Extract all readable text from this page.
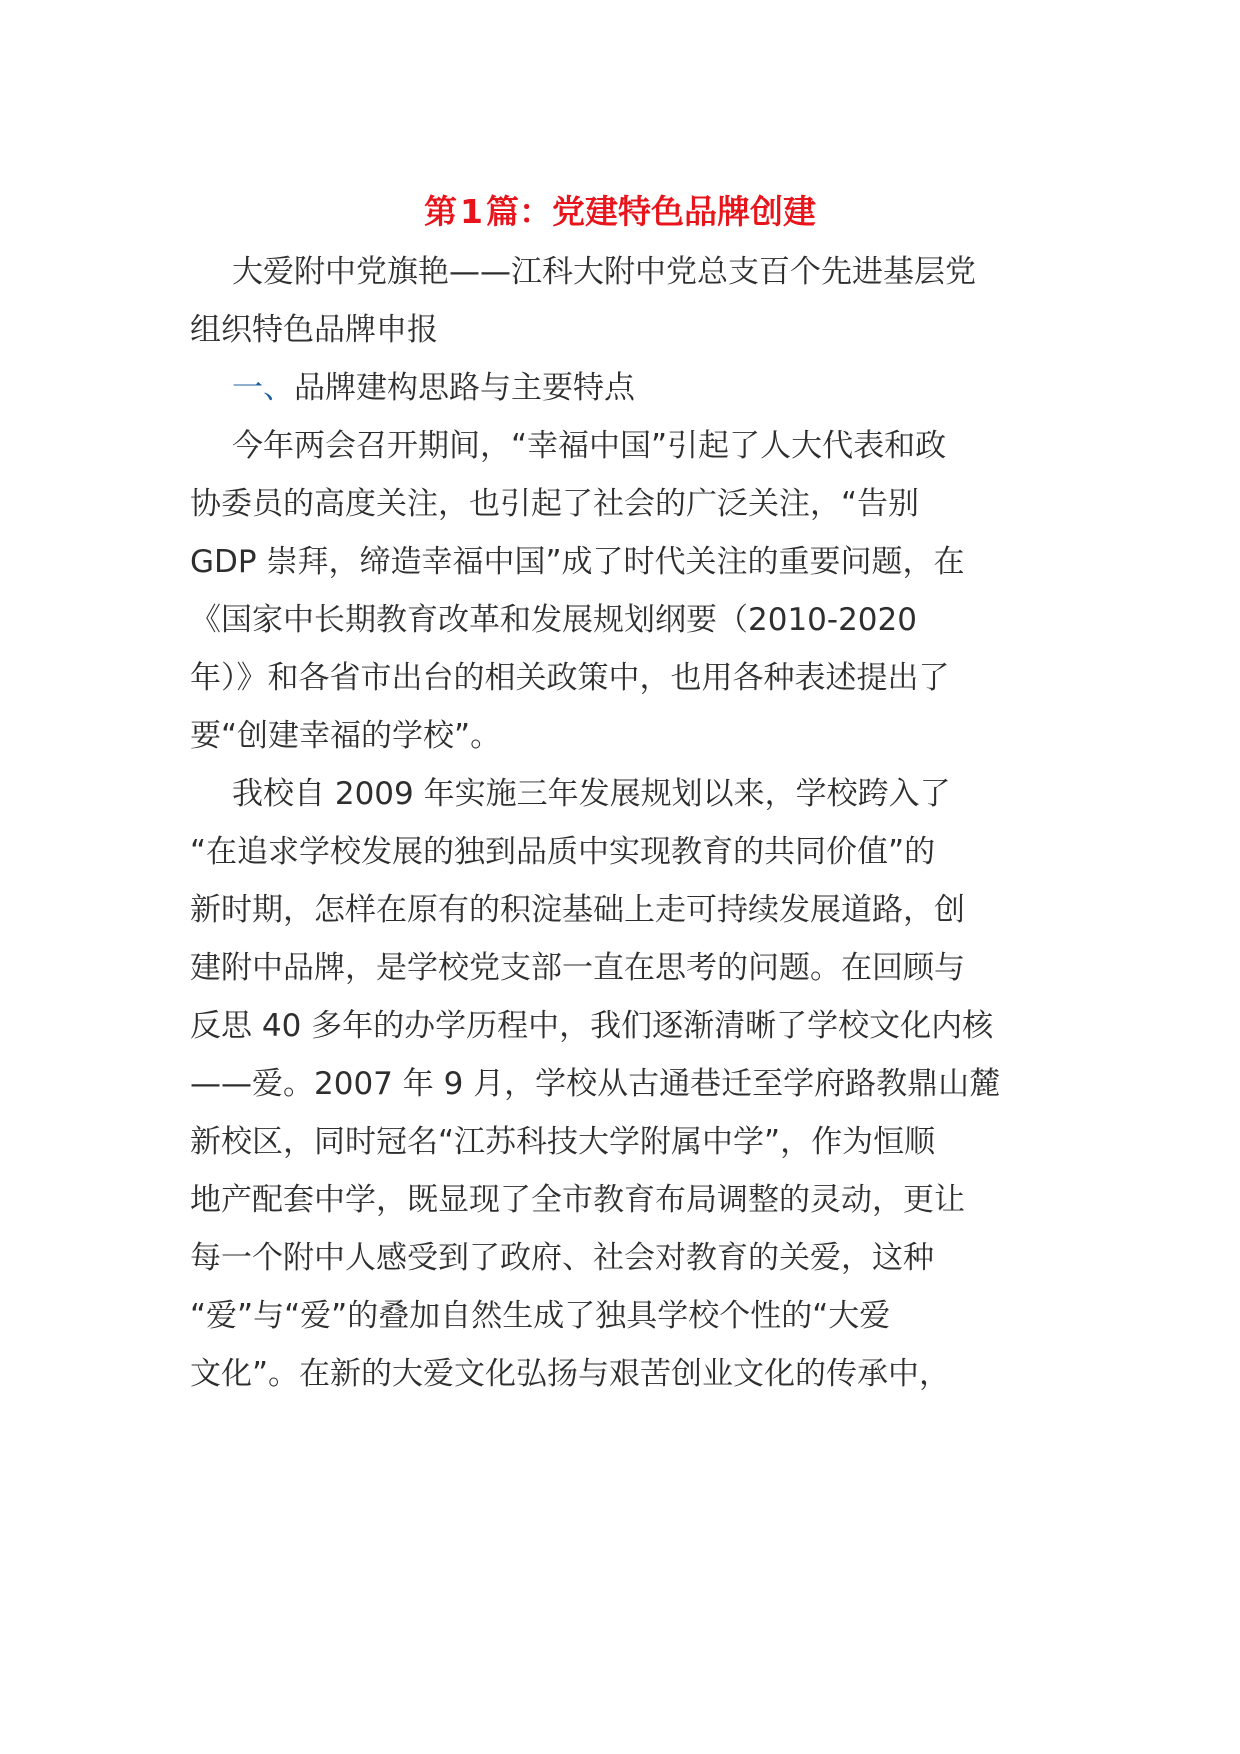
第1篇：党建特色品牌创建
大爱附中党旗艳——江科大附中党总支百个先进基层党
组织特色品牌申报
一、品牌建构思路与主要特点
今年两会召开期间，“幸福中国”引起了人大代表和政
协委员的高度关注，也引起了社会的广泛关注，“告别
GDP 崇拜，缔造幸福中国”成了时代关注的重要问题，在
《国家中长期教育改革和发展规划纲要（2010-2020
年）》和各省市出台的相关政策中，也用各种表述提出了
要“创建幸福的学校”。
我校自 2009 年实施三年发展规划以来，学校跨入了
“在追求学校发展的独到品质中实现教育的共同价值”的
新时期，怎样在原有的积淀基础上走可持续发展道路，创
建附中品牌，是学校党支部一直在思考的问题。在回顾与
反思 40 多年的办学历程中，我们逐渐清晰了学校文化内核
——爱。2007 年 9 月，学校从古通巷迁至学府路教鼎山麓
新校区，同时冠名“江苏科技大学附属中学”，作为恒顺
地产配套中学，既显现了全市教育布局调整的灵动，更让
每一个附中人感受到了政府、社会对教育的关爱，这种
“爱”与“爱”的叠加自然生成了独具学校个性的“大爱
文化”。在新的大爱文化弘扬与艰苦创业文化的传承中，
